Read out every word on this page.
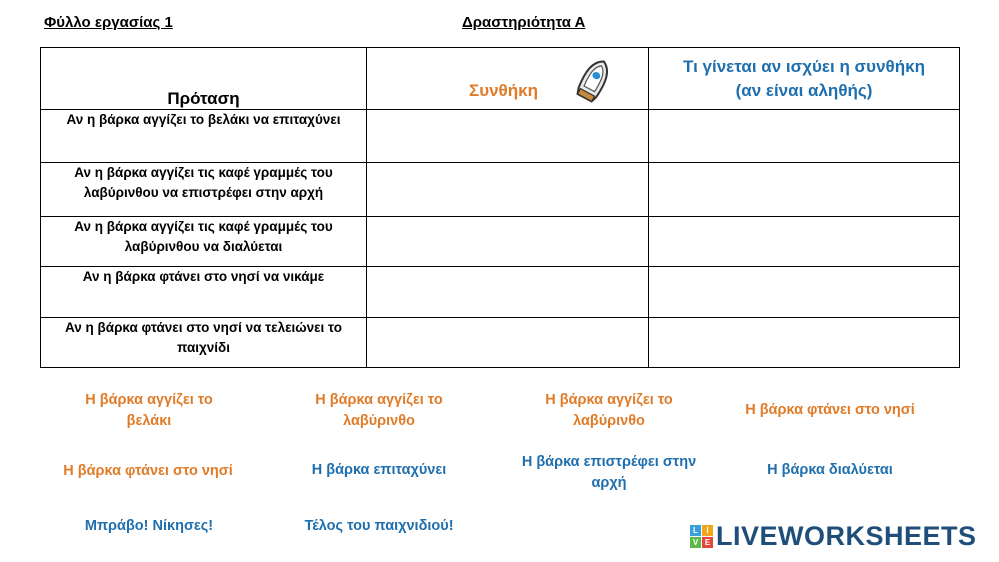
Φύλλο εργασίας 1	Δραστηριότητα Α
Πρόταση	Συνθήκη	Τι γίνεται αν ισχύει η συνθήκη
(αν είναι αληθής)
Αν η βάρκα αγγίζει το βελάκι να επιταχύνει		
Αν η βάρκα αγγίζει τις καφέ γραμμές του
λαβύρινθου να επιστρέφει στην αρχή		
Αν η βάρκα αγγίζει τις καφέ γραμμές του
λαβύρινθου να διαλύεται		
Αν η βάρκα φτάνει στο νησί να νικάμε		
Αν η βάρκα φτάνει στο νησί να τελειώνει το
παιχνίδι		
Η βάρκα αγγίζει το
βελάκι
Η βάρκα αγγίζει το
λαβύρινθο
Η βάρκα αγγίζει το
λαβύρινθο
Η βάρκα φτάνει στο νησί
Η βάρκα φτάνει στο νησί	Η βάρκα επιταχύνει	Η βάρκα επιστρέφει στην
αρχή
Η βάρκα διαλύεται
Μπράβο! Νίκησες!	Τέλος του παιχνιδιού!	L	I
V E LIVEWORKSHEETS
